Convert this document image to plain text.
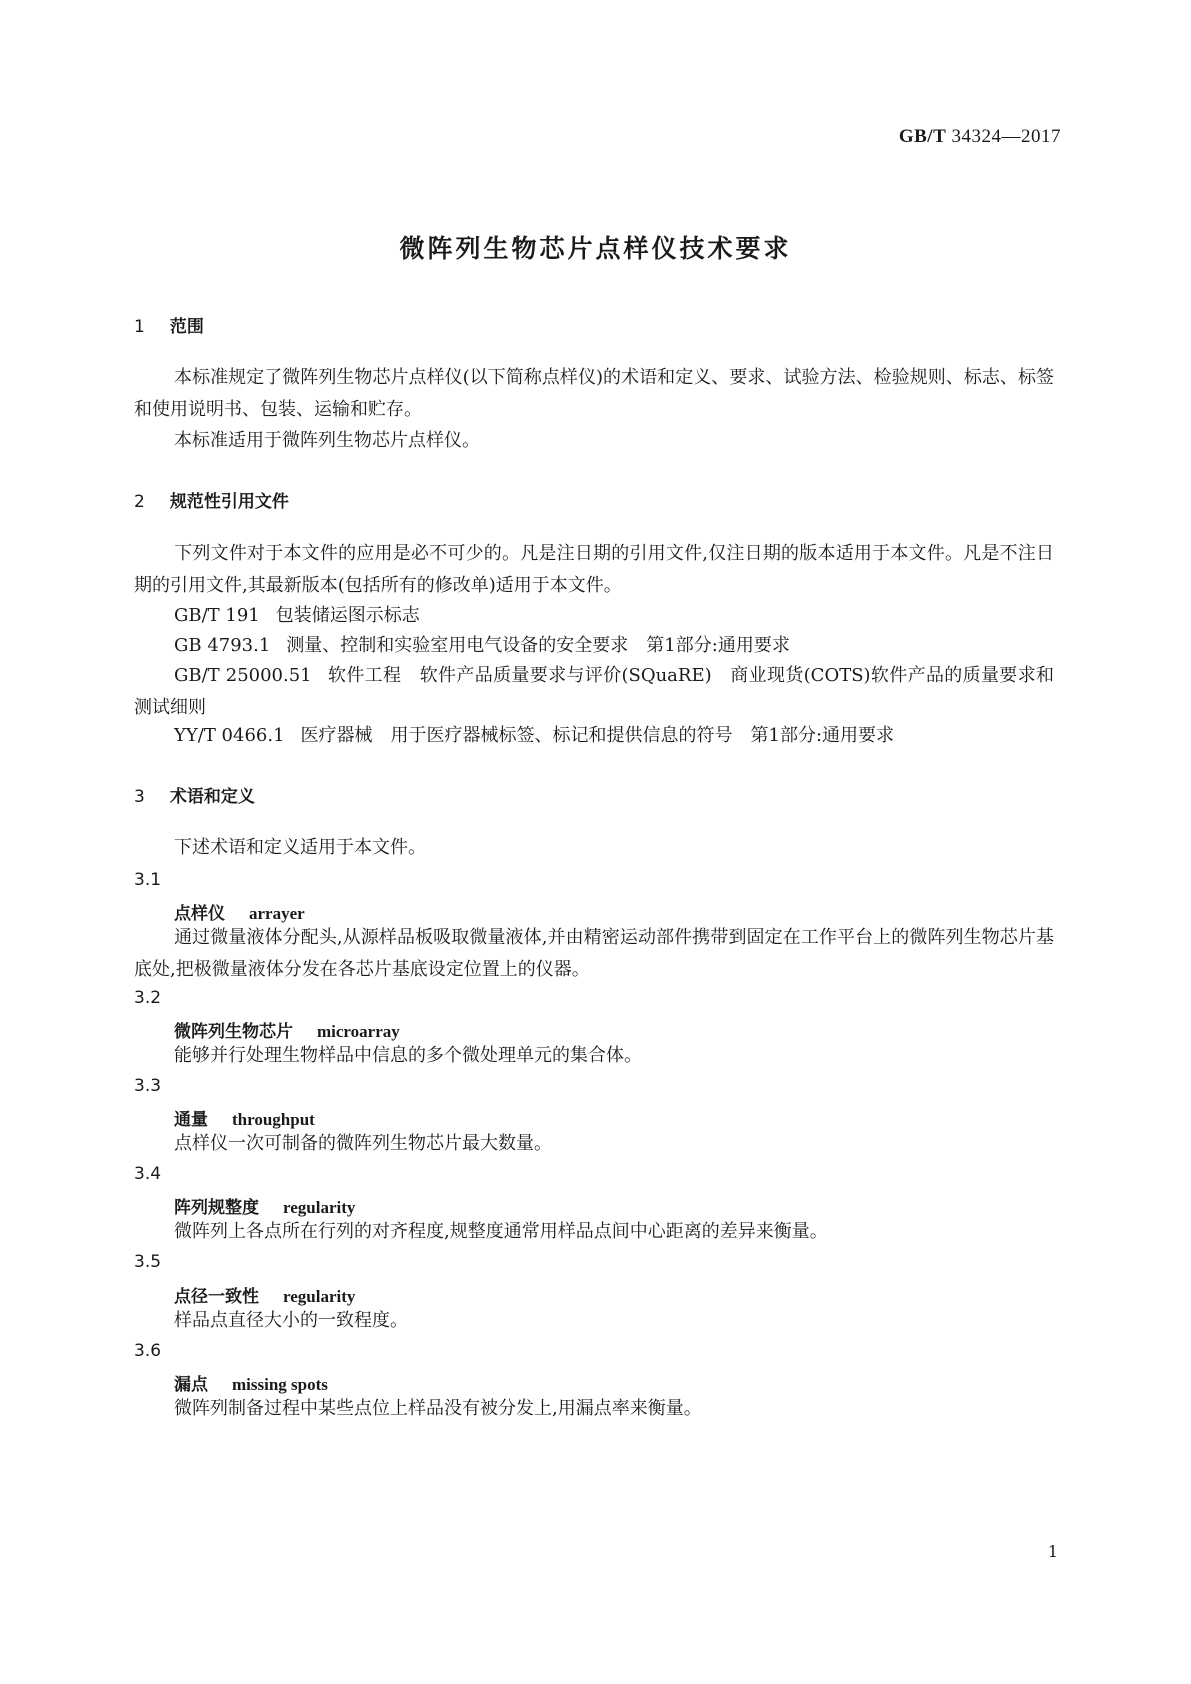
GB/T 34324—2017
微阵列生物芯片点样仪技术要求
1 范围
本标准规定了微阵列生物芯片点样仪(以下简称点样仪)的术语和定义、要求、试验方法、检验规则、标志、标签和使用说明书、包装、运输和贮存。
本标准适用于微阵列生物芯片点样仪。
2 规范性引用文件
下列文件对于本文件的应用是必不可少的。凡是注日期的引用文件,仅注日期的版本适用于本文件。凡是不注日期的引用文件,其最新版本(包括所有的修改单)适用于本文件。
GB/T 191 包装储运图示标志
GB 4793.1 测量、控制和实验室用电气设备的安全要求　第1部分:通用要求
GB/T 25000.51 软件工程　软件产品质量要求与评价(SQuaRE)　商业现货(COTS)软件产品的质量要求和测试细则
YY/T 0466.1 医疗器械　用于医疗器械标签、标记和提供信息的符号　第1部分:通用要求
3 术语和定义
下述术语和定义适用于本文件。
3.1
点样仪 arrayer
通过微量液体分配头,从源样品板吸取微量液体,并由精密运动部件携带到固定在工作平台上的微阵列生物芯片基底处,把极微量液体分发在各芯片基底设定位置上的仪器。
3.2
微阵列生物芯片 microarray
能够并行处理生物样品中信息的多个微处理单元的集合体。
3.3
通量 throughput
点样仪一次可制备的微阵列生物芯片最大数量。
3.4
阵列规整度 regularity
微阵列上各点所在行列的对齐程度,规整度通常用样品点间中心距离的差异来衡量。
3.5
点径一致性 regularity
样品点直径大小的一致程度。
3.6
漏点 missing spots
微阵列制备过程中某些点位上样品没有被分发上,用漏点率来衡量。
1
